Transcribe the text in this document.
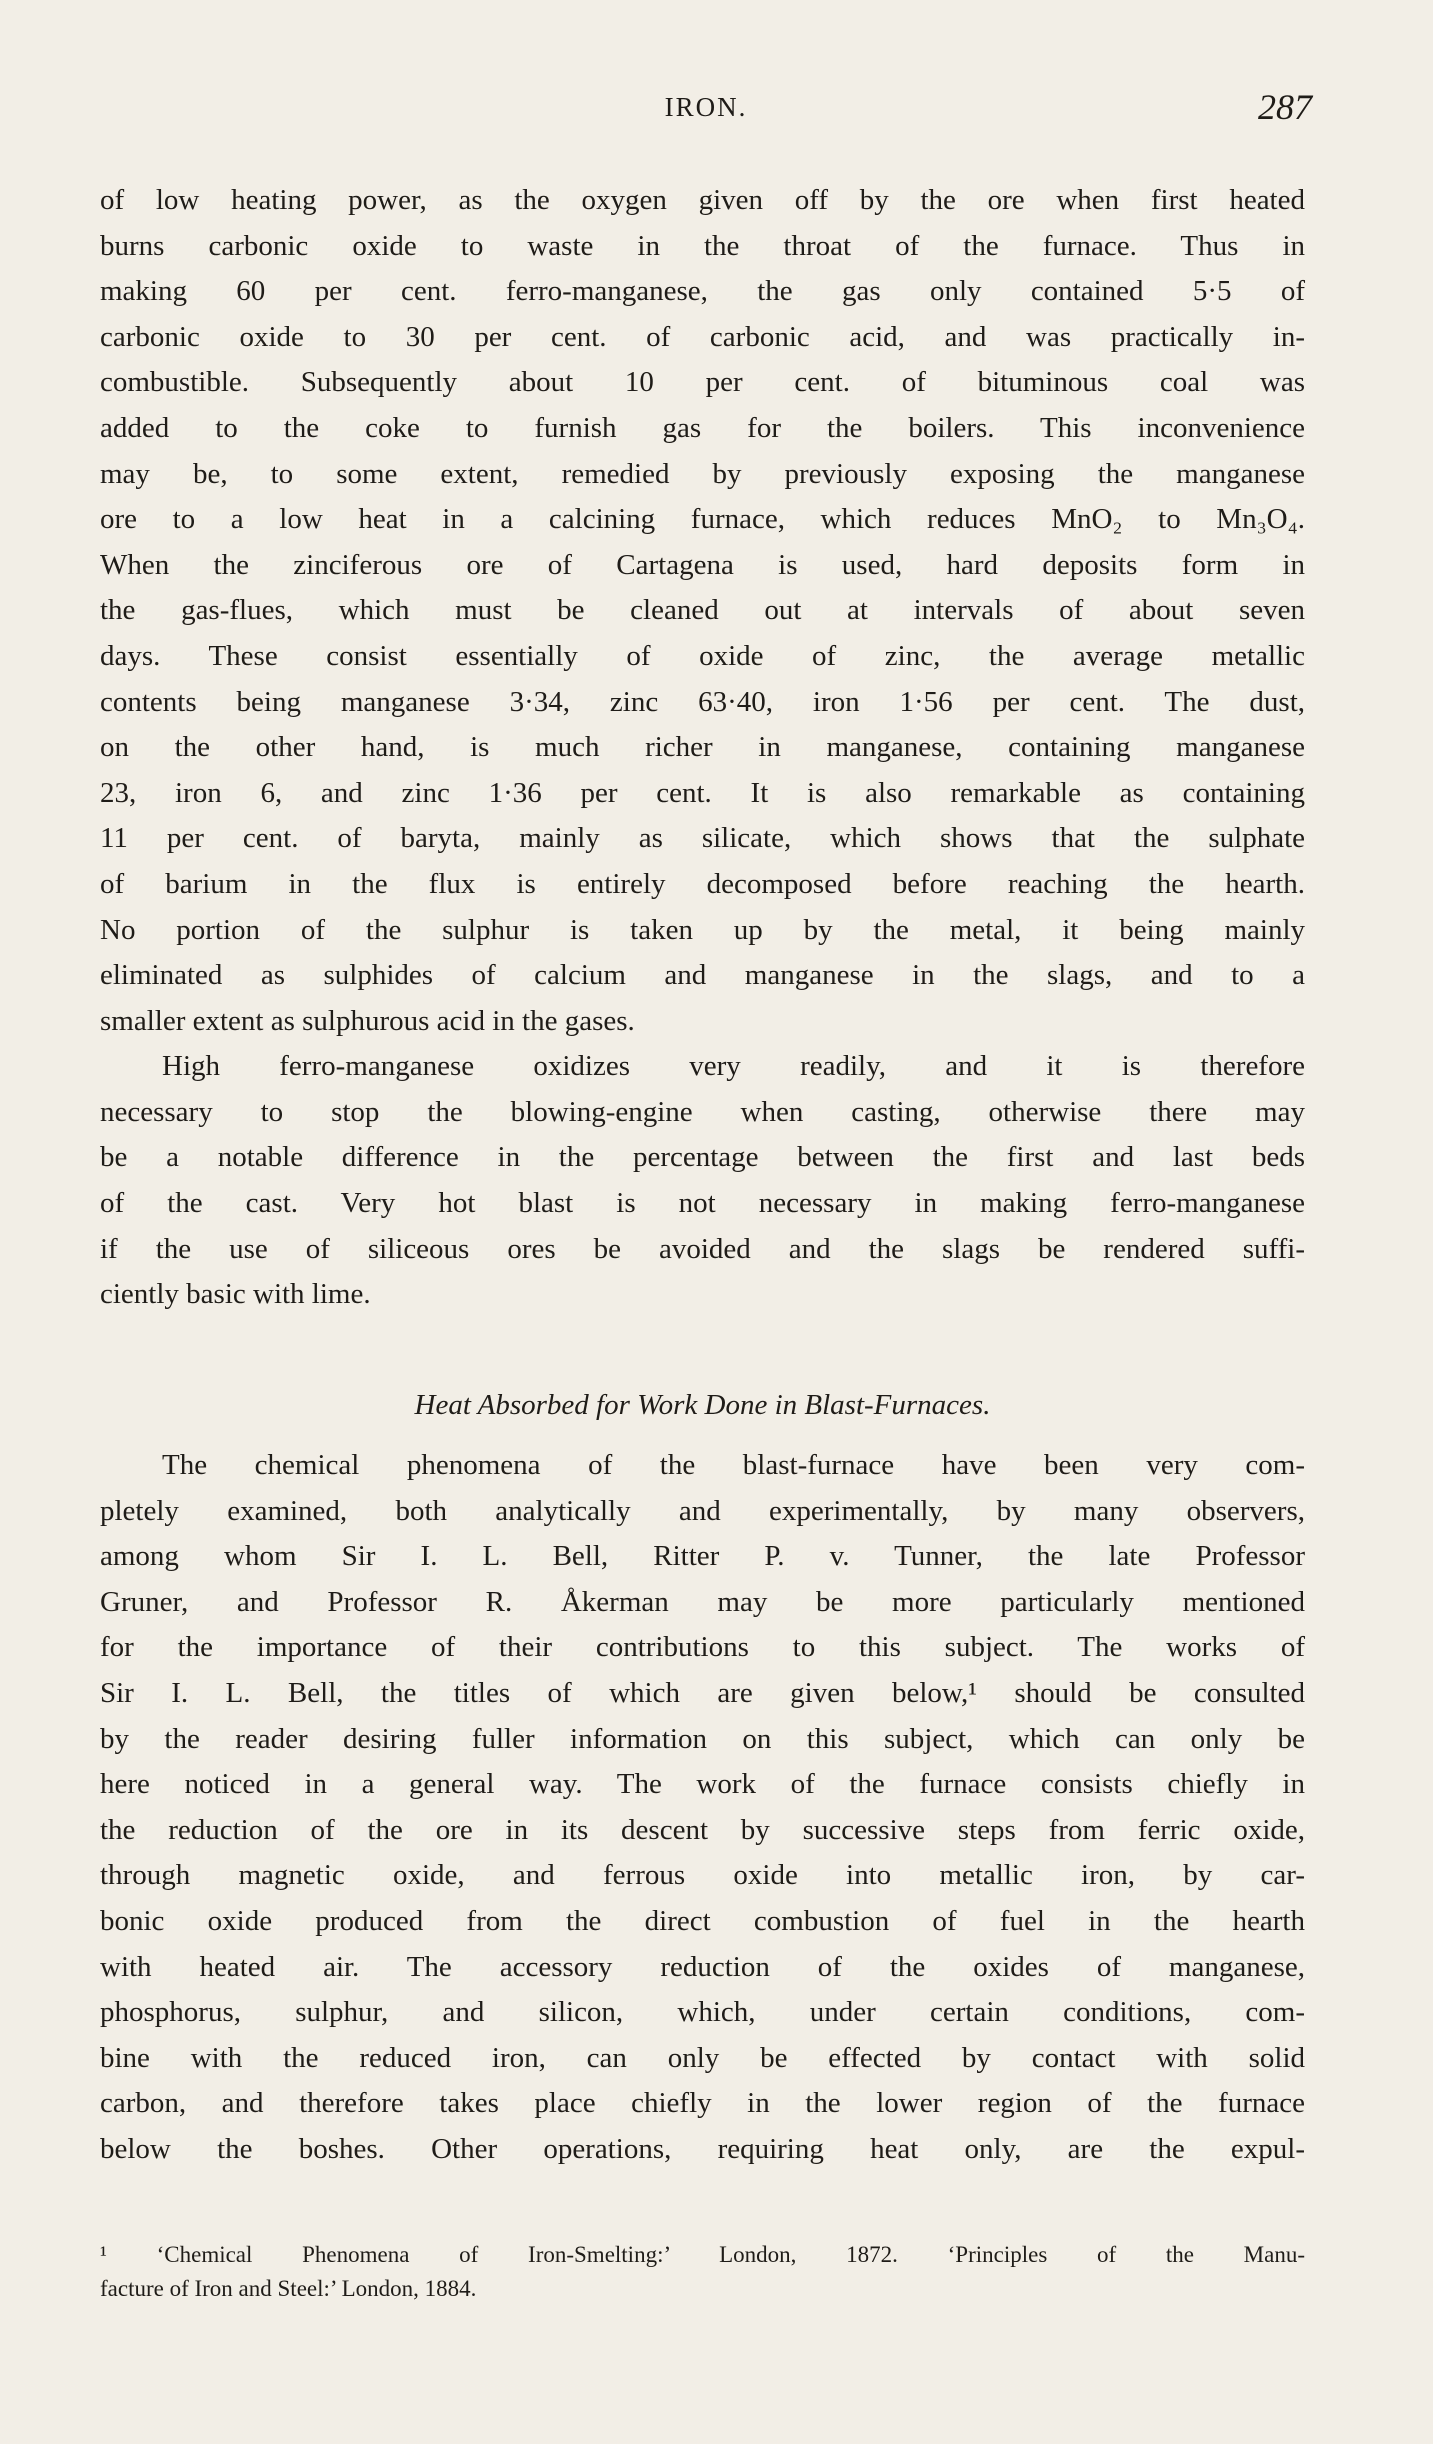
IRON.	287
of low heating power, as the oxygen given off by the ore when first heated
burns carbonic oxide to waste in the throat of the furnace. Thus in
making 60 per cent. ferro-manganese, the gas only contained 5·5 of
carbonic oxide to 30 per cent. of carbonic acid, and was practically in-
combustible. Subsequently about 10 per cent. of bituminous coal was
added to the coke to furnish gas for the boilers. This inconvenience
may be, to some extent, remedied by previously exposing the manganese
ore to a low heat in a calcining furnace, which reduces MnO₂ to Mn₃O₄.
When the zinciferous ore of Cartagena is used, hard deposits form in
the gas-flues, which must be cleaned out at intervals of about seven
days. These consist essentially of oxide of zinc, the average metallic
contents being manganese 3·34, zinc 63·40, iron 1·56 per cent. The dust,
on the other hand, is much richer in manganese, containing manganese
23, iron 6, and zinc 1·36 per cent. It is also remarkable as containing
11 per cent. of baryta, mainly as silicate, which shows that the sulphate
of barium in the flux is entirely decomposed before reaching the hearth.
No portion of the sulphur is taken up by the metal, it being mainly
eliminated as sulphides of calcium and manganese in the slags, and to a
smaller extent as sulphurous acid in the gases.
High ferro-manganese oxidizes very readily, and it is therefore
necessary to stop the blowing-engine when casting, otherwise there may
be a notable difference in the percentage between the first and last beds
of the cast. Very hot blast is not necessary in making ferro-manganese
if the use of siliceous ores be avoided and the slags be rendered suffi-
ciently basic with lime.
Heat Absorbed for Work Done in Blast-Furnaces.
The chemical phenomena of the blast-furnace have been very com-
pletely examined, both analytically and experimentally, by many observers,
among whom Sir I. L. Bell, Ritter P. v. Tunner, the late Professor
Gruner, and Professor R. Åkerman may be more particularly mentioned
for the importance of their contributions to this subject. The works of
Sir I. L. Bell, the titles of which are given below,¹ should be consulted
by the reader desiring fuller information on this subject, which can only be
here noticed in a general way. The work of the furnace consists chiefly in
the reduction of the ore in its descent by successive steps from ferric oxide,
through magnetic oxide, and ferrous oxide into metallic iron, by car-
bonic oxide produced from the direct combustion of fuel in the hearth
with heated air. The accessory reduction of the oxides of manganese,
phosphorus, sulphur, and silicon, which, under certain conditions, com-
bine with the reduced iron, can only be effected by contact with solid
carbon, and therefore takes place chiefly in the lower region of the furnace
below the boshes. Other operations, requiring heat only, are the expul-
¹ ‘Chemical Phenomena of Iron-Smelting:’ London, 1872. ‘Principles of the Manu-
facture of Iron and Steel:’ London, 1884.
